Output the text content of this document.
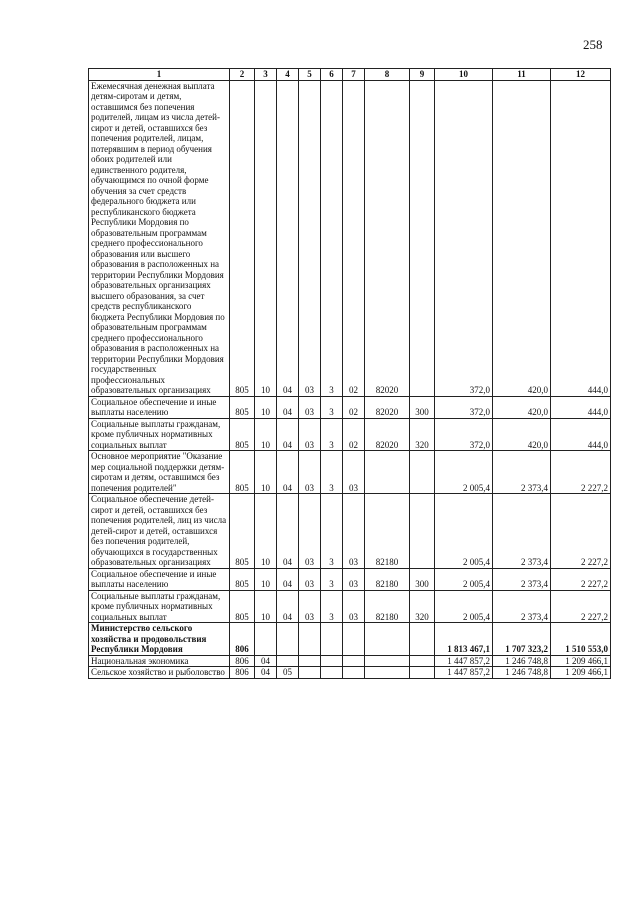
258
1	2	3	4	5	6	7	8	9	10	11	12
Ежемесячная денежная выплата детям-сиротам и детям, оставшимся без попечения родителей, лицам из числа детей-сирот и детей, оставшихся без попечения родителей, лицам, потерявшим в период обучения обоих родителей или единственного родителя, обучающимся по очной форме обучения за счет средств федерального бюджета или республиканского бюджета Республики Мордовия по образовательным программам среднего профессионального образования или высшего образования в расположенных на территории Республики Мордовия образовательных организациях высшего образования, за счет средств республиканского бюджета Республики Мордовия по образовательным программам среднего профессионального образования в расположенных на территории Республики Мордовия государственных профессиональных образовательных организациях	805	10	04	03	3	02	82020		372,0	420,0	444,0
Социальное обеспечение и иные выплаты населению	805	10	04	03	3	02	82020	300	372,0	420,0	444,0
Социальные выплаты гражданам, кроме публичных нормативных социальных выплат	805	10	04	03	3	02	82020	320	372,0	420,0	444,0
Основное мероприятие "Оказание мер социальной поддержки детям-сиротам и детям, оставшимся без попечения родителей"	805	10	04	03	3	03			2 005,4	2 373,4	2 227,2
Социальное обеспечение детей-сирот и детей, оставшихся без попечения родителей, лиц из числа детей-сирот и детей, оставшихся без попечения родителей, обучающихся в государственных образовательных организациях	805	10	04	03	3	03	82180		2 005,4	2 373,4	2 227,2
Социальное обеспечение и иные выплаты населению	805	10	04	03	3	03	82180	300	2 005,4	2 373,4	2 227,2
Социальные выплаты гражданам, кроме публичных нормативных социальных выплат	805	10	04	03	3	03	82180	320	2 005,4	2 373,4	2 227,2
Министерство сельского хозяйства и продовольствия Республики Мордовия	806								1 813 467,1	1 707 323,2	1 510 553,0
Национальная экономика	806	04							1 447 857,2	1 246 748,8	1 209 466,1
Сельское хозяйство и рыболовство	806	04	05						1 447 857,2	1 246 748,8	1 209 466,1
